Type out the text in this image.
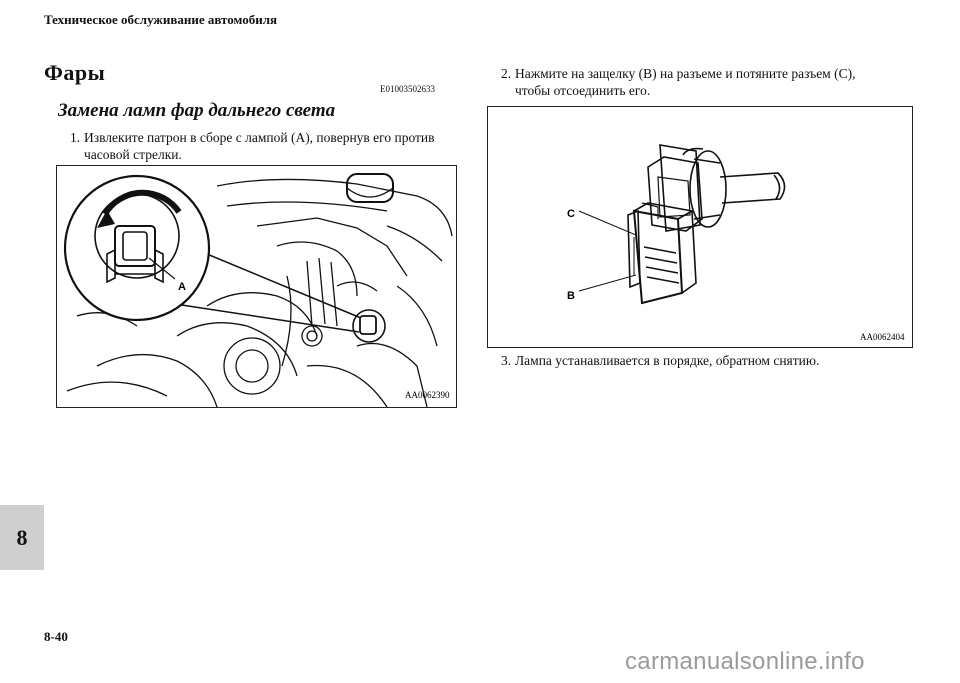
Техническое обслуживание автомобиля
Фары
E01003502633
Замена ламп фар дальнего света
1. Извлеките патрон в сборе с лампой (A), повернув его против
часовой стрелки.
A
AA0062390
2. Нажмите на защелку (B) на разъеме и потяните разъем (C),
чтобы отсоединить его.
C
B
AA0062404
3. Лампа устанавливается в порядке, обратном снятию.
8
8-40
carmanualsonline.info
